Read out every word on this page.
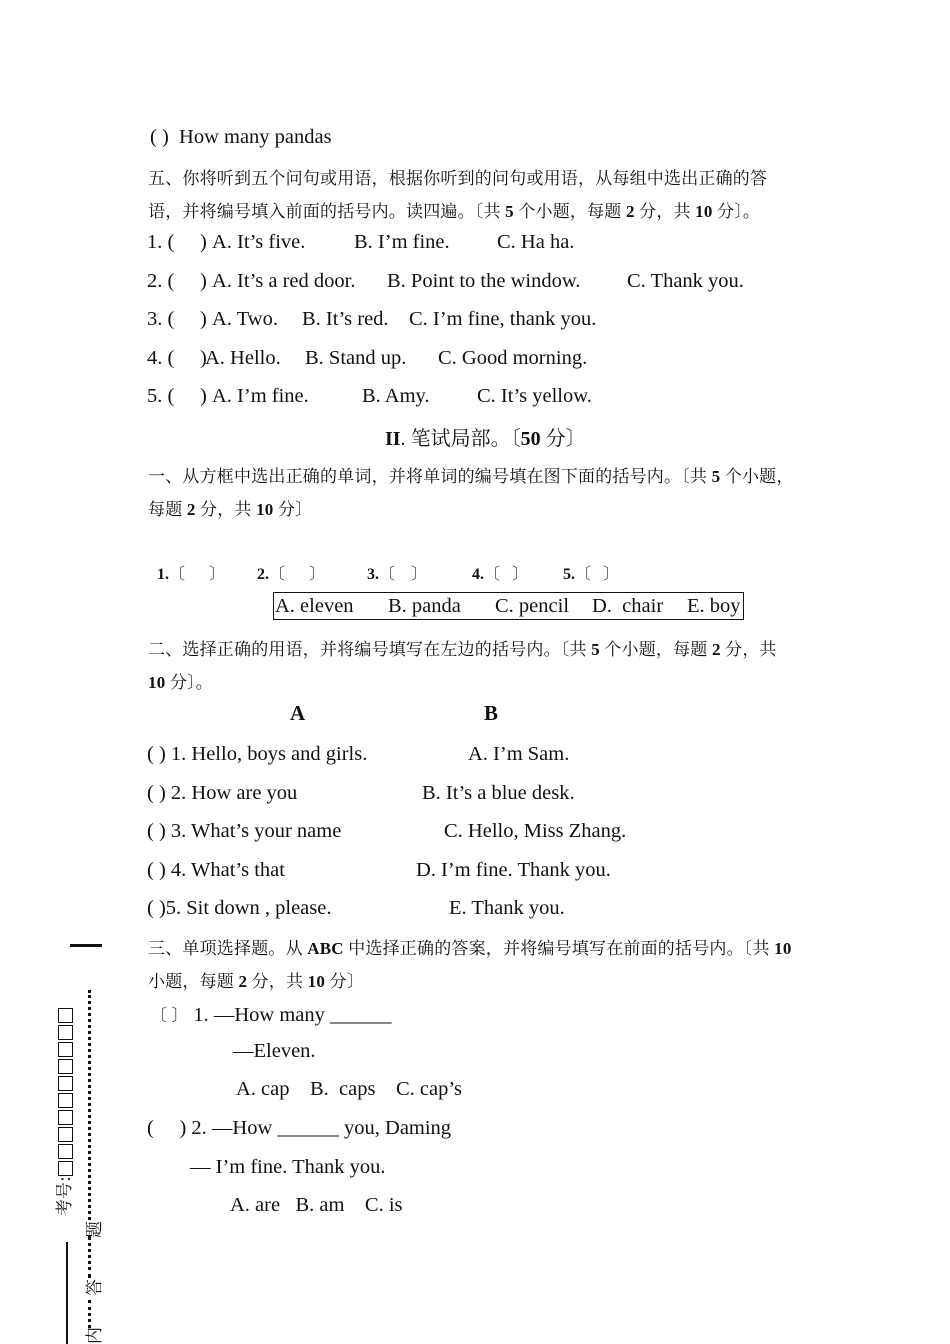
( ) How many pandas
五、你将听到五个问句或用语，根据你听到的问句或用语，从每组中选出正确的答
语，并将编号填入前面的括号内。读四遍。〔共 5 个小题，每题 2 分，共 10 分〕。
1. (     ) A. It’s five. B. I’m fine. C. Ha ha.
2. (     ) A. It’s a red door. B. Point to the window. C. Thank you.
3. (     ) A. Two. B. It’s red. C. I’m fine, thank you.
4. (     )
A. Hello. B. Stand up. C. Good morning.
5. (     ) A. I’m fine.	B. Amy. C. It’s yellow.
II. 笔试局部。〔50 分〕
一、从方框中选出正确的单词，并将单词的编号填在图下面的括号内。〔共 5 个小题，
每题 2 分，共 10 分〕
1.〔      〕 2.〔      〕	3.〔    〕	4.〔   〕 5.〔   〕
A. eleven B. panda C. pencil D.  chair E. boy
二、选择正确的用语，并将编号填写在左边的括号内。〔共 5 个小题，每题 2 分，共
10 分〕。
A	B
( ) 1. Hello, boys and girls.	A. I’m Sam.
( ) 2. How are you	B. It’s a blue desk.
( ) 3. What’s your name	C. Hello, Miss Zhang.
( ) 4. What’s that	D. I’m fine. Thank you.
( )5. Sit down , please.	E. Thank you.
三、单项选择题。从 ABC 中选择正确的答案，并将编号填写在前面的括号内。〔共 10
小题，每题 2 分，共 10 分〕
〔 〕 1. —How many ______
—Eleven.
A. cap    B.  caps    C. cap’s
(     ) 2. —How ______ you, Daming
— I’m fine. Thank you.
A. are   B. am    C. is
考号:
题
答
内
